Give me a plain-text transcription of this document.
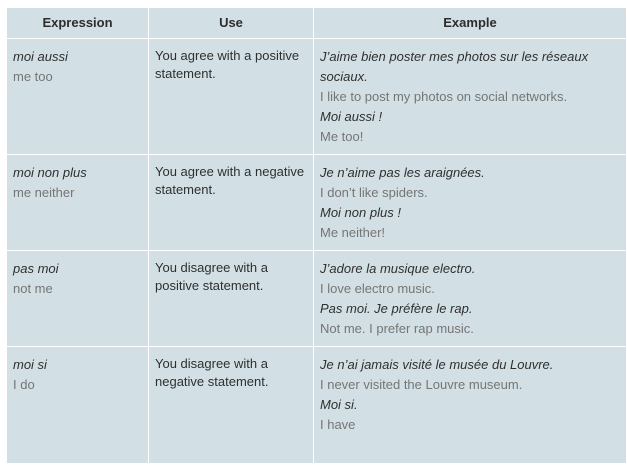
Expression	Use	Example

moi aussi
me too	You agree with a positive statement.	J’aime bien poster mes photos sur les réseaux sociaux.
I like to post my photos on social networks.
Moi aussi !
Me too!

moi non plus
me neither	You agree with a negative statement.	Je n’aime pas les araignées.
I don’t like spiders.
Moi non plus !
Me neither!

pas moi
not me	You disagree with a positive statement.	J’adore la musique electro.
I love electro music.
Pas moi. Je préfère le rap.
Not me. I prefer rap music.

moi si
I do	You disagree with a negative statement.	Je n’ai jamais visité le musée du Louvre.
I never visited the Louvre museum.
Moi si.
I have
